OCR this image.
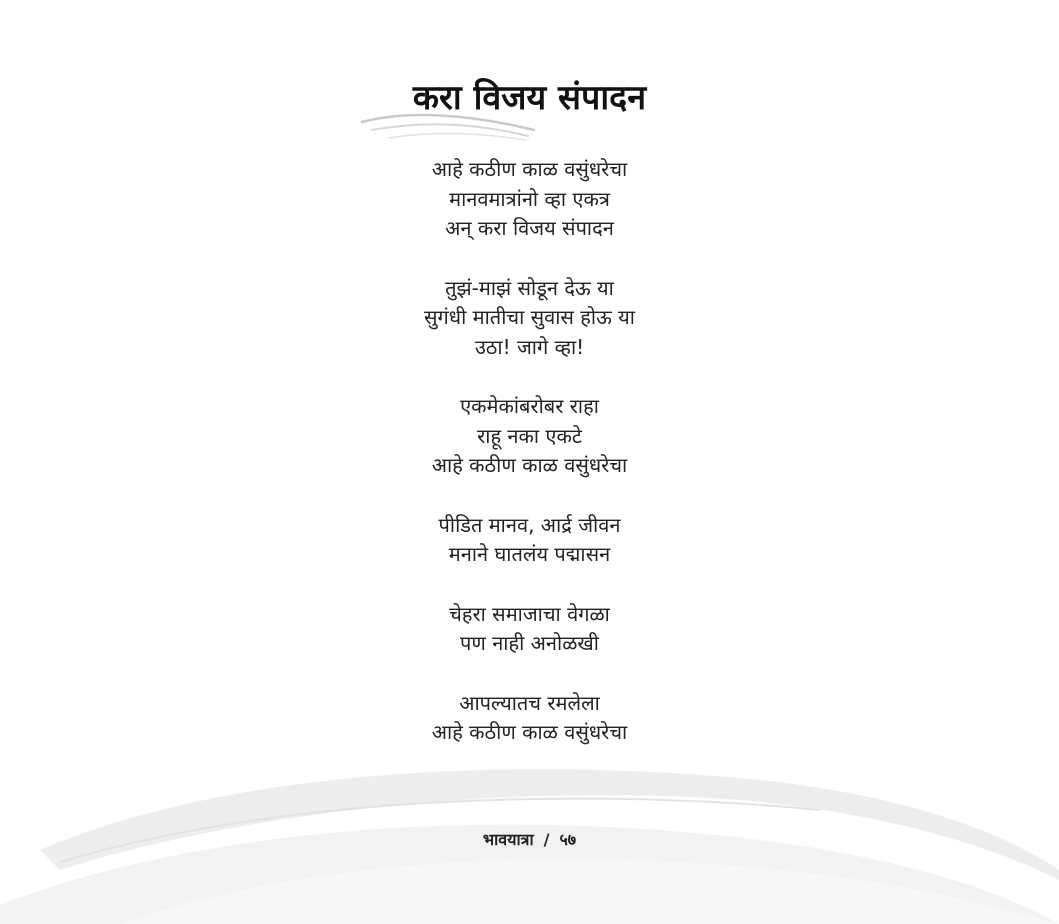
करा विजय संपादन
आहे कठीण काळ वसुंधरेचा
मानवमात्रांनो व्हा एकत्र
अन् करा विजय संपादन
तुझं-माझं सोडून देऊ या
सुगंधी मातीचा सुवास होऊ या
उठा! जागे व्हा!
एकमेकांबरोबर राहा
राहू नका एकटे
आहे कठीण काळ वसुंधरेचा
पीडित मानव, आर्द्र जीवन
मनाने घातलंय पद्मासन
चेहरा समाजाचा वेगळा
पण नाही अनोळखी
आपल्यातच रमलेला
आहे कठीण काळ वसुंधरेचा
भावयात्रा / ५७
